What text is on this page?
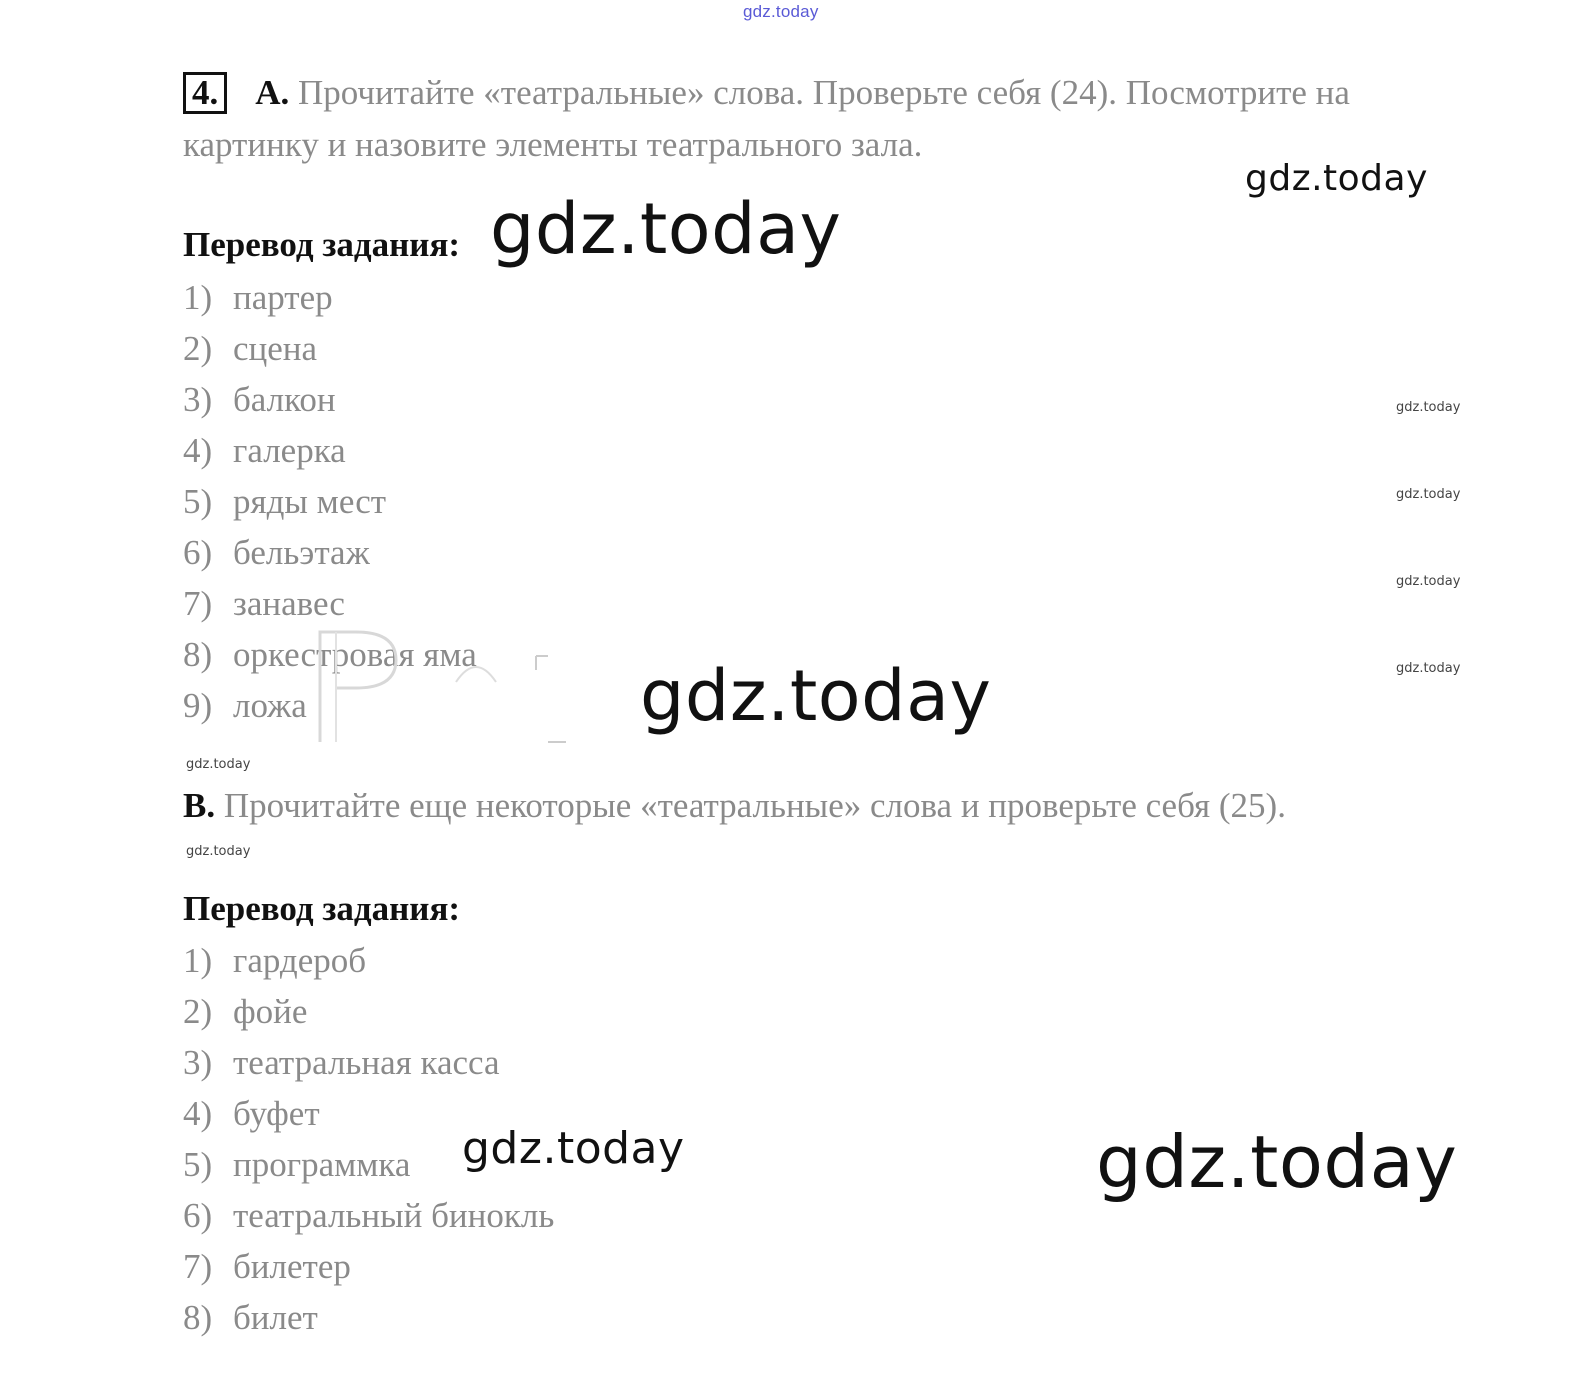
gdz.today
4. А. Прочитайте «театральные» слова. Проверьте себя (24). Посмотрите на
картинку и назовите элементы театрального зала.
Перевод задания:
1) партер
2) сцена
3) балкон
4) галерка
5) ряды мест
6) бельэтаж
7) занавес
8) оркестровая яма
9) ложа
B. Прочитайте еще некоторые «театральные» слова и проверьте себя (25).
Перевод задания:
1) гардероб
2) фойе
3) театральная касса
4) буфет
5) программка
6) театральный бинокль
7) билетер
8) билет
gdz.today
gdz.today
gdz.today
gdz.today
gdz.today
gdz.today
gdz.today
gdz.today
gdz.today
gdz.today
gdz.today
